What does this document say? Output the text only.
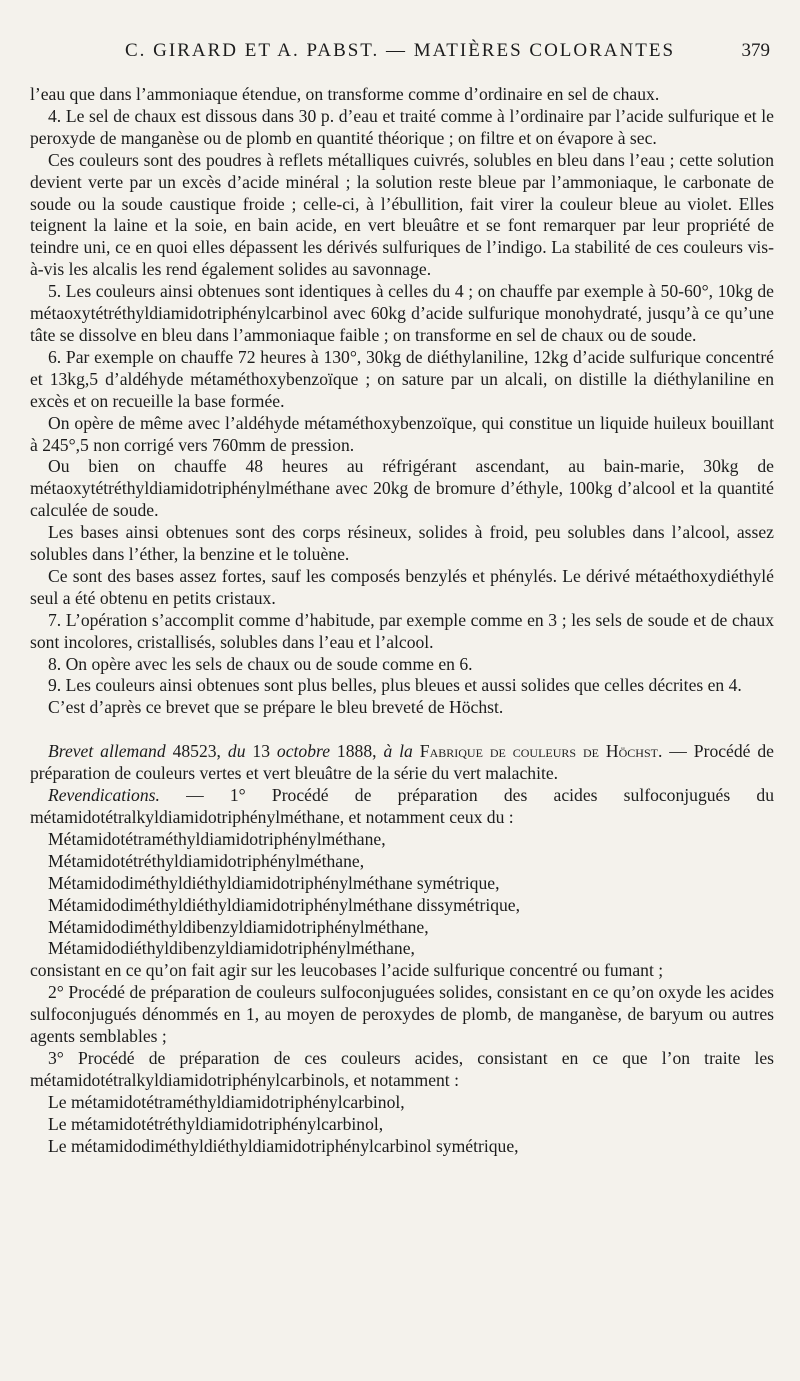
C. GIRARD ET A. PABST. — MATIÈRES COLORANTES	379

l’eau que dans l’ammoniaque étendue, on transforme comme d’ordinaire en sel de chaux.

4. Le sel de chaux est dissous dans 30 p. d’eau et traité comme à l’ordinaire par l’acide sulfurique et le peroxyde de manganèse ou de plomb en quantité théorique ; on filtre et on évapore à sec.

Ces couleurs sont des poudres à reflets métalliques cuivrés, solubles en bleu dans l’eau ; cette solution devient verte par un excès d’acide minéral ; la solution reste bleue par l’ammoniaque, le carbonate de soude ou la soude caustique froide ; celle-ci, à l’ébullition, fait virer la couleur bleue au violet. Elles teignent la laine et la soie, en bain acide, en vert bleuâtre et se font remarquer par leur propriété de teindre uni, ce en quoi elles dépassent les dérivés sulfuriques de l’indigo. La stabilité de ces couleurs vis-à-vis les alcalis les rend également solides au savonnage.

5. Les couleurs ainsi obtenues sont identiques à celles du 4 ; on chauffe par exemple à 50-60°, 10kg de métaoxytétréthyldiamidotriphénylcarbinol avec 60kg d’acide sulfurique monohydraté, jusqu’à ce qu’une tâte se dissolve en bleu dans l’ammoniaque faible ; on transforme en sel de chaux ou de soude.

6. Par exemple on chauffe 72 heures à 130°, 30kg de diéthylaniline, 12kg d’acide sulfurique concentré et 13kg,5 d’aldéhyde métaméthoxybenzoïque ; on sature par un alcali, on distille la diéthylaniline en excès et on recueille la base formée.

On opère de même avec l’aldéhyde métaméthoxybenzoïque, qui constitue un liquide huileux bouillant à 245°,5 non corrigé vers 760mm de pression.

Ou bien on chauffe 48 heures au réfrigérant ascendant, au bain-marie, 30kg de métaoxytétréthyldiamidotriphénylméthane avec 20kg de bromure d’éthyle, 100kg d’alcool et la quantité calculée de soude.

Les bases ainsi obtenues sont des corps résineux, solides à froid, peu solubles dans l’alcool, assez solubles dans l’éther, la benzine et le toluène.

Ce sont des bases assez fortes, sauf les composés benzylés et phénylés. Le dérivé métaéthoxydiéthylé seul a été obtenu en petits cristaux.

7. L’opération s’accomplit comme d’habitude, par exemple comme en 3 ; les sels de soude et de chaux sont incolores, cristallisés, solubles dans l’eau et l’alcool.

8. On opère avec les sels de chaux ou de soude comme en 6.

9. Les couleurs ainsi obtenues sont plus belles, plus bleues et aussi solides que celles décrites en 4.

C’est d’après ce brevet que se prépare le bleu breveté de Höchst.

Brevet allemand 48523, du 13 octobre 1888, à la Fabrique de couleurs de Höchst. — Procédé de préparation de couleurs vertes et vert bleuâtre de la série du vert malachite.

Revendications. — 1° Procédé de préparation des acides sulfoconjugués du métamidotétralkyldiamidotriphénylméthane, et notamment ceux du :

Métamidotétraméthyldiamidotriphénylméthane,

Métamidotétréthyldiamidotriphénylméthane,

Métamidodiméthyldiéthyldiamidotriphénylméthane symétrique,

Métamidodiméthyldiéthyldiamidotriphénylméthane dissymétrique,

Métamidodiméthyldibenzyldiamidotriphénylméthane,

Métamidodiéthyldibenzyldiamidotriphénylméthane,

consistant en ce qu’on fait agir sur les leucobases l’acide sulfurique concentré ou fumant ;

2° Procédé de préparation de couleurs sulfoconjuguées solides, consistant en ce qu’on oxyde les acides sulfoconjugués dénommés en 1, au moyen de peroxydes de plomb, de manganèse, de baryum ou autres agents semblables ;

3° Procédé de préparation de ces couleurs acides, consistant en ce que l’on traite les métamidotétralkyldiamidotriphénylcarbinols, et notamment :

Le métamidotétraméthyldiamidotriphénylcarbinol,

Le métamidotétréthyldiamidotriphénylcarbinol,

Le métamidodiméthyldiéthyldiamidotriphénylcarbinol symétrique,
